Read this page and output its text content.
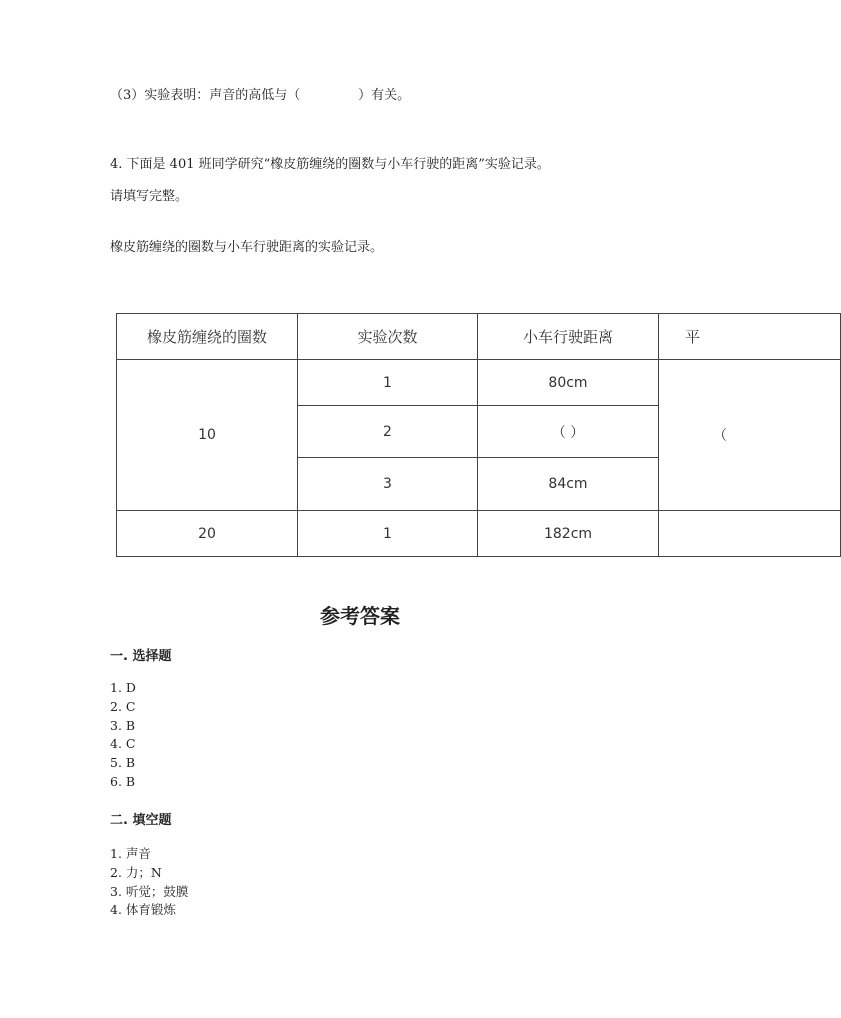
（3）实验表明：声音的高低与（              ）有关。
4. 下面是 401 班同学研究“橡皮筋缠绕的圈数与小车行驶的距离”实验记录。
请填写完整。
橡皮筋缠绕的圈数与小车行驶距离的实验记录。
橡皮筋缠绕的圈数	实验次数	小车行驶距离	平
10	1	80cm	（
	2	（ ）	
	3	84cm	
20	1	182cm	
参考答案
一. 选择题
1. D
2. C
3. B
4. C
5. B
6. B
二. 填空题
1. 声音
2. 力；N
3. 听觉；鼓膜
4. 体育锻炼
